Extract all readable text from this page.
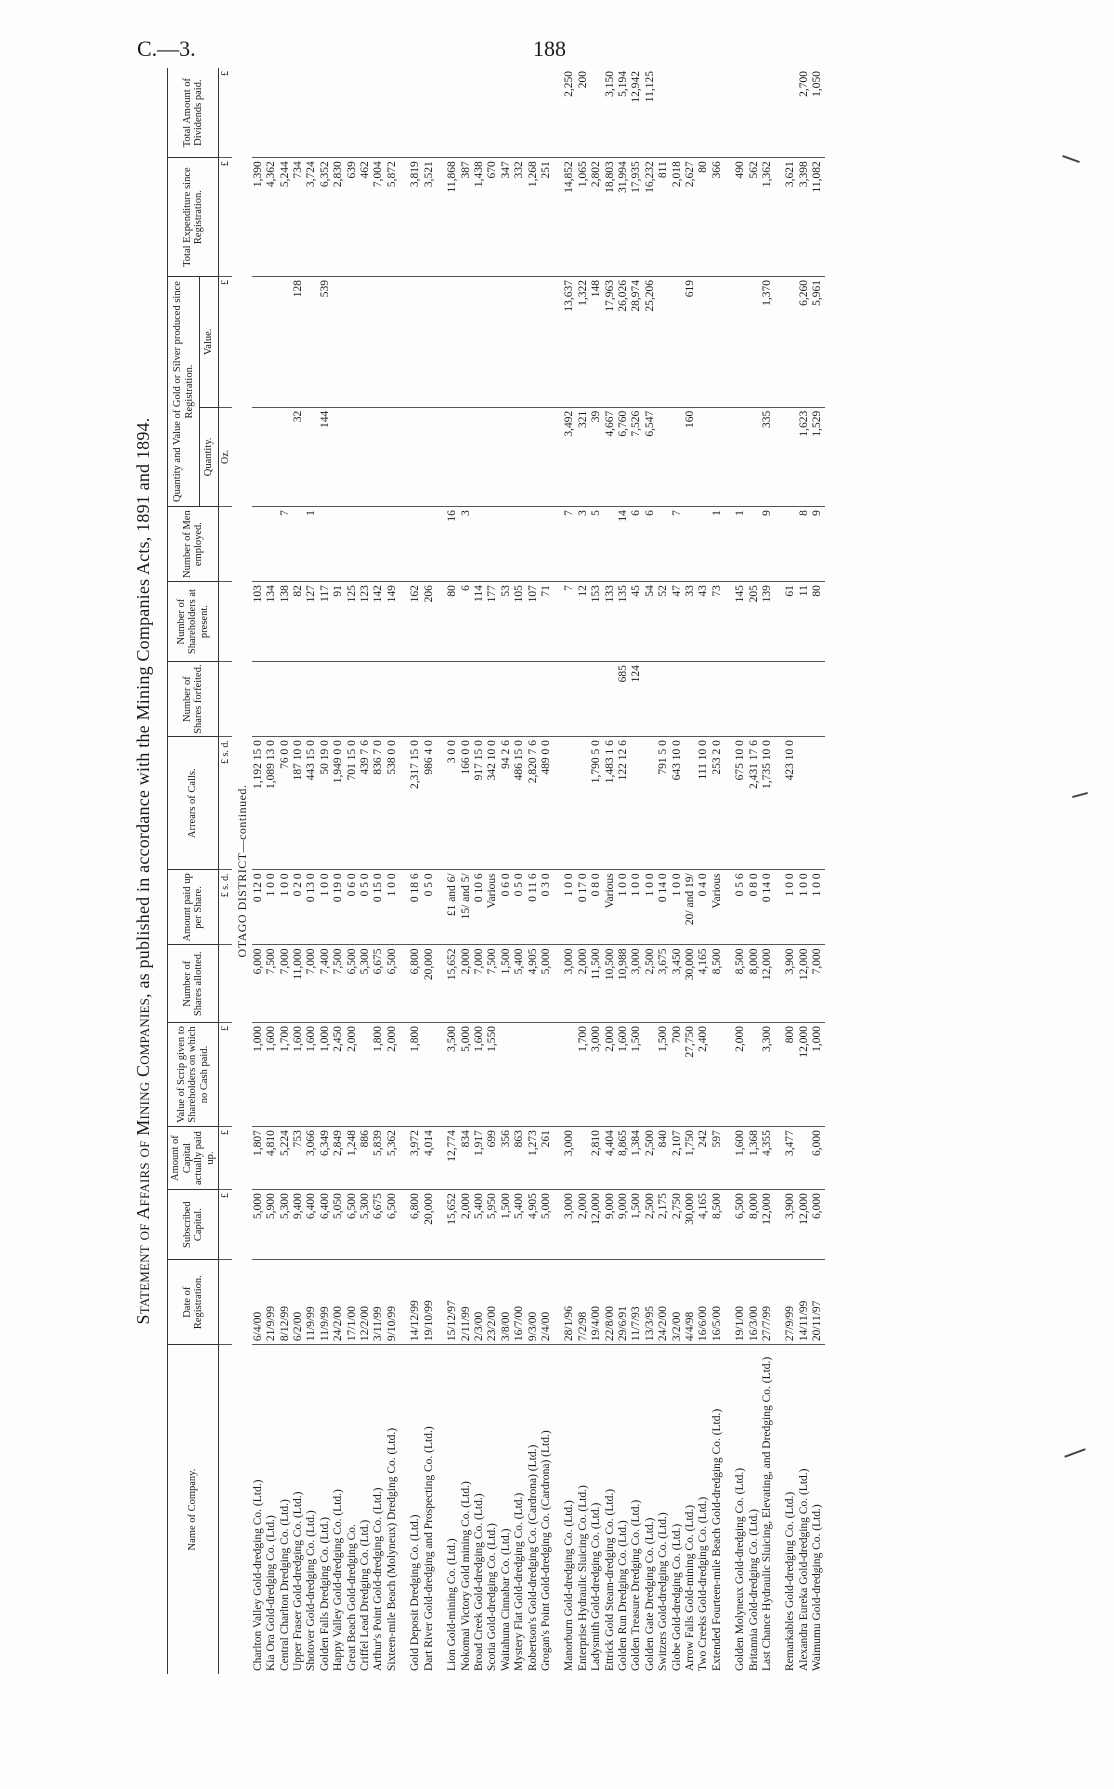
C.—3.	188
Statement of Affairs of Mining Companies, as published in accordance with the Mining Companies Acts, 1891 and 1894.
Name of Company.	Date of Registration.	Subscribed Capital.	Amount of Capital actually paid up.	Value of Scrip given to Shareholders on which no Cash paid.	Number of Shares allotted.	Amount paid up per Share.	Arrears of Calls.	Number of Shares forfeited.	Number of Shareholders at present.	Number of Men employed.	Quantity and Value of Gold or Silver produced since Registration.		Total Expenditure since Registration.	Total Amount of Dividends paid.
											Quantity.	Value.		
		£	£	£		£ s. d.	£ s. d.				Oz.	£	£	£
OTAGO DISTRICT—continued.														
Charlton Valley Gold-dredging Co. (Ltd.)	6/4/00	5,000	1,807	1,000	6,000	0 12 0	1,192 15 0		103				1,390	
Kia Ora Gold-dredging Co. (Ltd.)	21/9/99	5,900	4,810	1,600	7,500	1 0 0	1,089 13 0		134				4,362	
Central Charlton Dredging Co. (Ltd.)	8/12/99	5,300	5,224	1,700	7,000	1 0 0	76 0 0		138	7			5,244	
Upper Fraser Gold-dredging Co. (Ltd.)	6/2/00	9,400	753	1,600	11,000	0 2 0	187 10 0		82		32	128	734	
Shotover Gold-dredging Co. (Ltd.)	11/9/99	6,400	3,066	1,600	7,000	0 13 0	443 15 0		127	1			3,724	
Golden Falls Dredging Co. (Ltd.)	11/9/99	6,400	6,349	1,000	7,400	1 0 0	50 19 0		117		144	539	6,352	
Happy Valley Gold-dredging Co. (Ltd.)	24/2/00	5,050	2,849	2,450	7,500	0 19 0	1,949 0 0		91				2,830	
Great Beach Gold-dredging Co.	17/1/00	6,500	1,248	2,000	6,500	0 6 0	701 15 0		125				639	
Criffel Lead Dredging Co. (Ltd.)	12/2/00	5,300	886		5,300	0 5 0	439 7 6		123				462	
Arthur's Point Gold-dredging Co. (Ltd.)	3/11/99	6,675	5,839	1,800	6,675	0 15 0	836 7 0		142				7,004	
Sixteen-mile Beach (Molyneux) Dredging Co. (Ltd.)	9/10/99	6,500	5,362	2,000	6,500	1 0 0	538 0 0		149				5,872	

Gold Deposit Dredging Co. (Ltd.)	14/12/99	6,800	3,972	1,800	6,800	0 18 6	2,317 15 0		162				3,819	
Dart River Gold-dredging and Prospecting Co. (Ltd.)	19/10/99	20,000	4,014		20,000	0 5 0	986 4 0		206				3,521	

Lion Gold-mining Co. (Ltd.)	15/12/97	15,652	12,774	3,500	15,652	£1 and 6/	3 0 0		80	16			11,868	
Nokomai Victory Gold mining Co. (Ltd.)	2/11/99	2,000	834	5,000	2,000	15/ and 5/	166 0 0		6	3			387	
Broad Creek Gold-dredging Co. (Ltd.)	2/3/00	5,400	1,917	1,600	7,000	0 10 6	917 15 0		114				1,438	
Scotia Gold-dredging Co. (Ltd.)	23/2/00	5,950	699	1,550	7,500	Various	342 10 0		177				670	
Waitahuna Cinnabar Co. (Ltd.)	3/8/00	1,500	356		1,500	0 6 0	94 2 6		53				347	
Mystery Flat Gold-dredging Co. (Ltd.)	16/7/00	5,400	863		5,400	0 5 0	486 15 0		105				332	
Robertson's Gold-dredging Co. (Cardrona) (Ltd.)	9/3/00	4,905	1,273		4,905	0 11 6	2,820 7 6		107				1,268	
Grogan's Point Gold-dredging Co. (Cardrona) (Ltd.)	2/4/00	5,000	261		5,000	0 3 0	489 0 0		71				251	

Manorburn Gold-dredging Co. (Ltd.)	28/1/96	3,000	3,000		3,000	1 0 0			7	7	3,492	13,637	14,852	2,250
Enterprise Hydraulic Sluicing Co. (Ltd.)	7/2/98	2,000		1,700	2,000	0 17 0			12	3	321	1,322	1,065	200
Ladysmith Gold-dredging Co. (Ltd.)	19/4/00	12,000	2,810	3,000	11,500	0 8 0	1,790 5 0		153	5	39	148	2,802	
Ettrick Gold Steam-dredging Co. (Ltd.)	22/8/00	9,000	4,404	2,000	10,500	Various	1,483 1 6		133		4,667	17,963	18,803	3,150
Golden Run Dredging Co. (Ltd.)	29/6/91	9,000	8,865	1,600	10,988	1 0 0	122 12 6	685	135	14	6,760	26,026	31,994	5,194
Golden Treasure Dredging Co. (Ltd.)	11/7/93	1,500	1,384	1,500	3,000	1 0 0		124	45	6	7,526	28,974	17,935	12,942
Golden Gate Dredging Co. (Ltd.)	13/3/95	2,500	2,500		2,500	1 0 0			54	6	6,547	25,206	16,232	11,125
Switzers Gold-dredging Co. (Ltd.)	24/2/00	2,175	840	1,500	3,675	0 14 0	791 5 0		52				811	
Globe Gold-dredging Co. (Ltd.)	3/2/00	2,750	2,107	700	3,450	1 0 0	643 10 0		47	7			2,018	
Arrow Falls Gold-mining Co. (Ltd.)	4/4/98	30,000	1,750	27,750	30,000	20/ and 19/			33		160	619	2,627	
Two Creeks Gold-dredging Co. (Ltd.)	16/6/00	4,165	242	2,400	4,165	0 4 0	111 10 0		43				80	
Extended Fourteen-mile Beach Gold-dredging Co. (Ltd.)	16/5/00	8,500	597		8,500	Various	253 2 0		73	1			366	

Golden Molyneux Gold-dredging Co. (Ltd.)	19/1/00	6,500	1,600	2,000	8,500	0 5 6	675 10 0		145	1			490	
Britannia Gold-dredging Co. (Ltd.)	16/3/00	8,000	1,368		8,000	0 8 0	2,431 17 6		205				562	
Last Chance Hydraulic Sluicing, Elevating, and Dredging Co. (Ltd.)	27/7/99	12,000	4,355	3,300	12,000	0 14 0	1,735 10 0		139	9	335	1,370	1,362	

Remarkables Gold-dredging Co. (Ltd.)	27/9/99	3,900	3,477	800	3,900	1 0 0	423 10 0		61				3,621	
Alexandra Eureka Gold-dredging Co. (Ltd.)	14/11/99	12,000		12,000	12,000	1 0 0			11	8	1,623	6,260	3,398	2,700
Waimumu Gold-dredging Co. (Ltd.)	20/11/97	6,000	6,000	1,000	7,000	1 0 0			80	9	1,529	5,961	11,082	1,050
